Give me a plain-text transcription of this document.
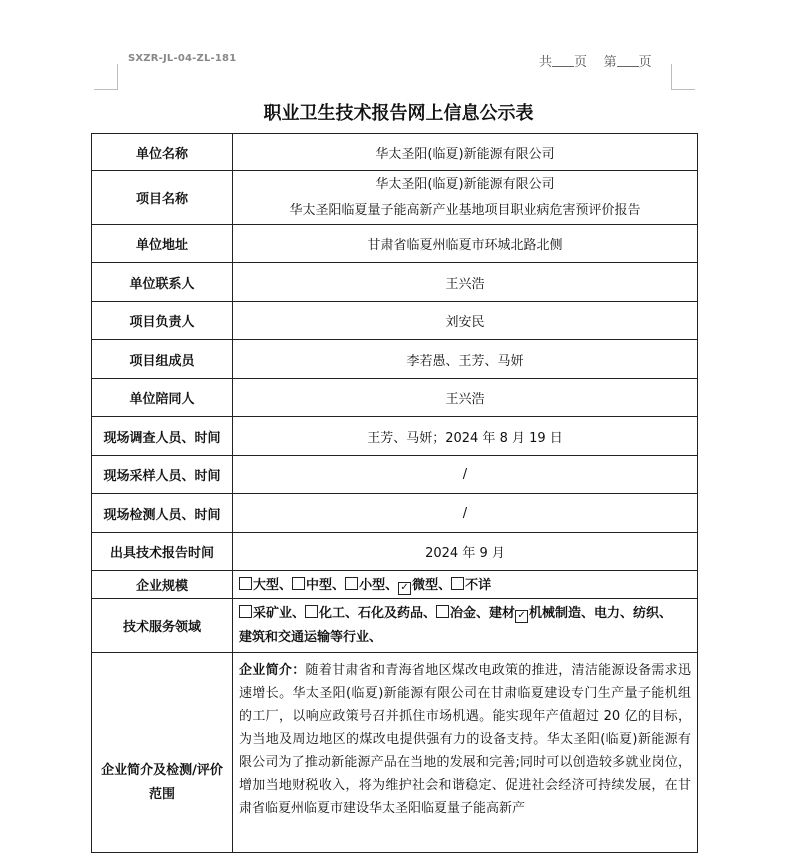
SXZR-JL-04-ZL-181	共 页 第 页
职业卫生技术报告网上信息公示表
单位名称	华太圣阳(临夏)新能源有限公司
项目名称	华太圣阳(临夏)新能源有限公司
华太圣阳临夏量子能高新产业基地项目职业病危害预评价报告

单位地址	甘肃省临夏州临夏市环城北路北侧
单位联系人	王兴浩
项目负责人	刘安民
项目组成员	李若愚、王芳、马妍
单位陪同人	王兴浩
现场调查人员、时间	王芳、马妍；2024 年 8 月 19 日
现场采样人员、时间	/
现场检测人员、时间	/
出具技术报告时间	2024 年 9 月
企业规模	大型、 中型、 小型、 ✓ 微型、 不详
技术服务领域	采矿业、 化工、石化及药品、 冶金、建材 ✓ 机械制造、电力、纺织、
建筑和交通运输等行业、

企业简介及检测/评价范围	企业简介：随着甘肃省和青海省地区煤改电政策的推进，清洁能源设备需求迅速增长。华太圣阳(临夏)新能源有限公司在甘肃临夏建设专门生产量子能机组的工厂，以响应政策号召并抓住市场机遇。能实现年产值超过 20 亿的目标，为当地及周边地区的煤改电提供强有力的设备支持。华太圣阳(临夏)新能源有限公司为了推动新能源产品在当地的发展和完善;同时可以创造较多就业岗位，增加当地财税收入，将为维护社会和谐稳定、促进社会经济可持续发展，在甘肃省临夏州临夏市建设华太圣阳临夏量子能高新产
